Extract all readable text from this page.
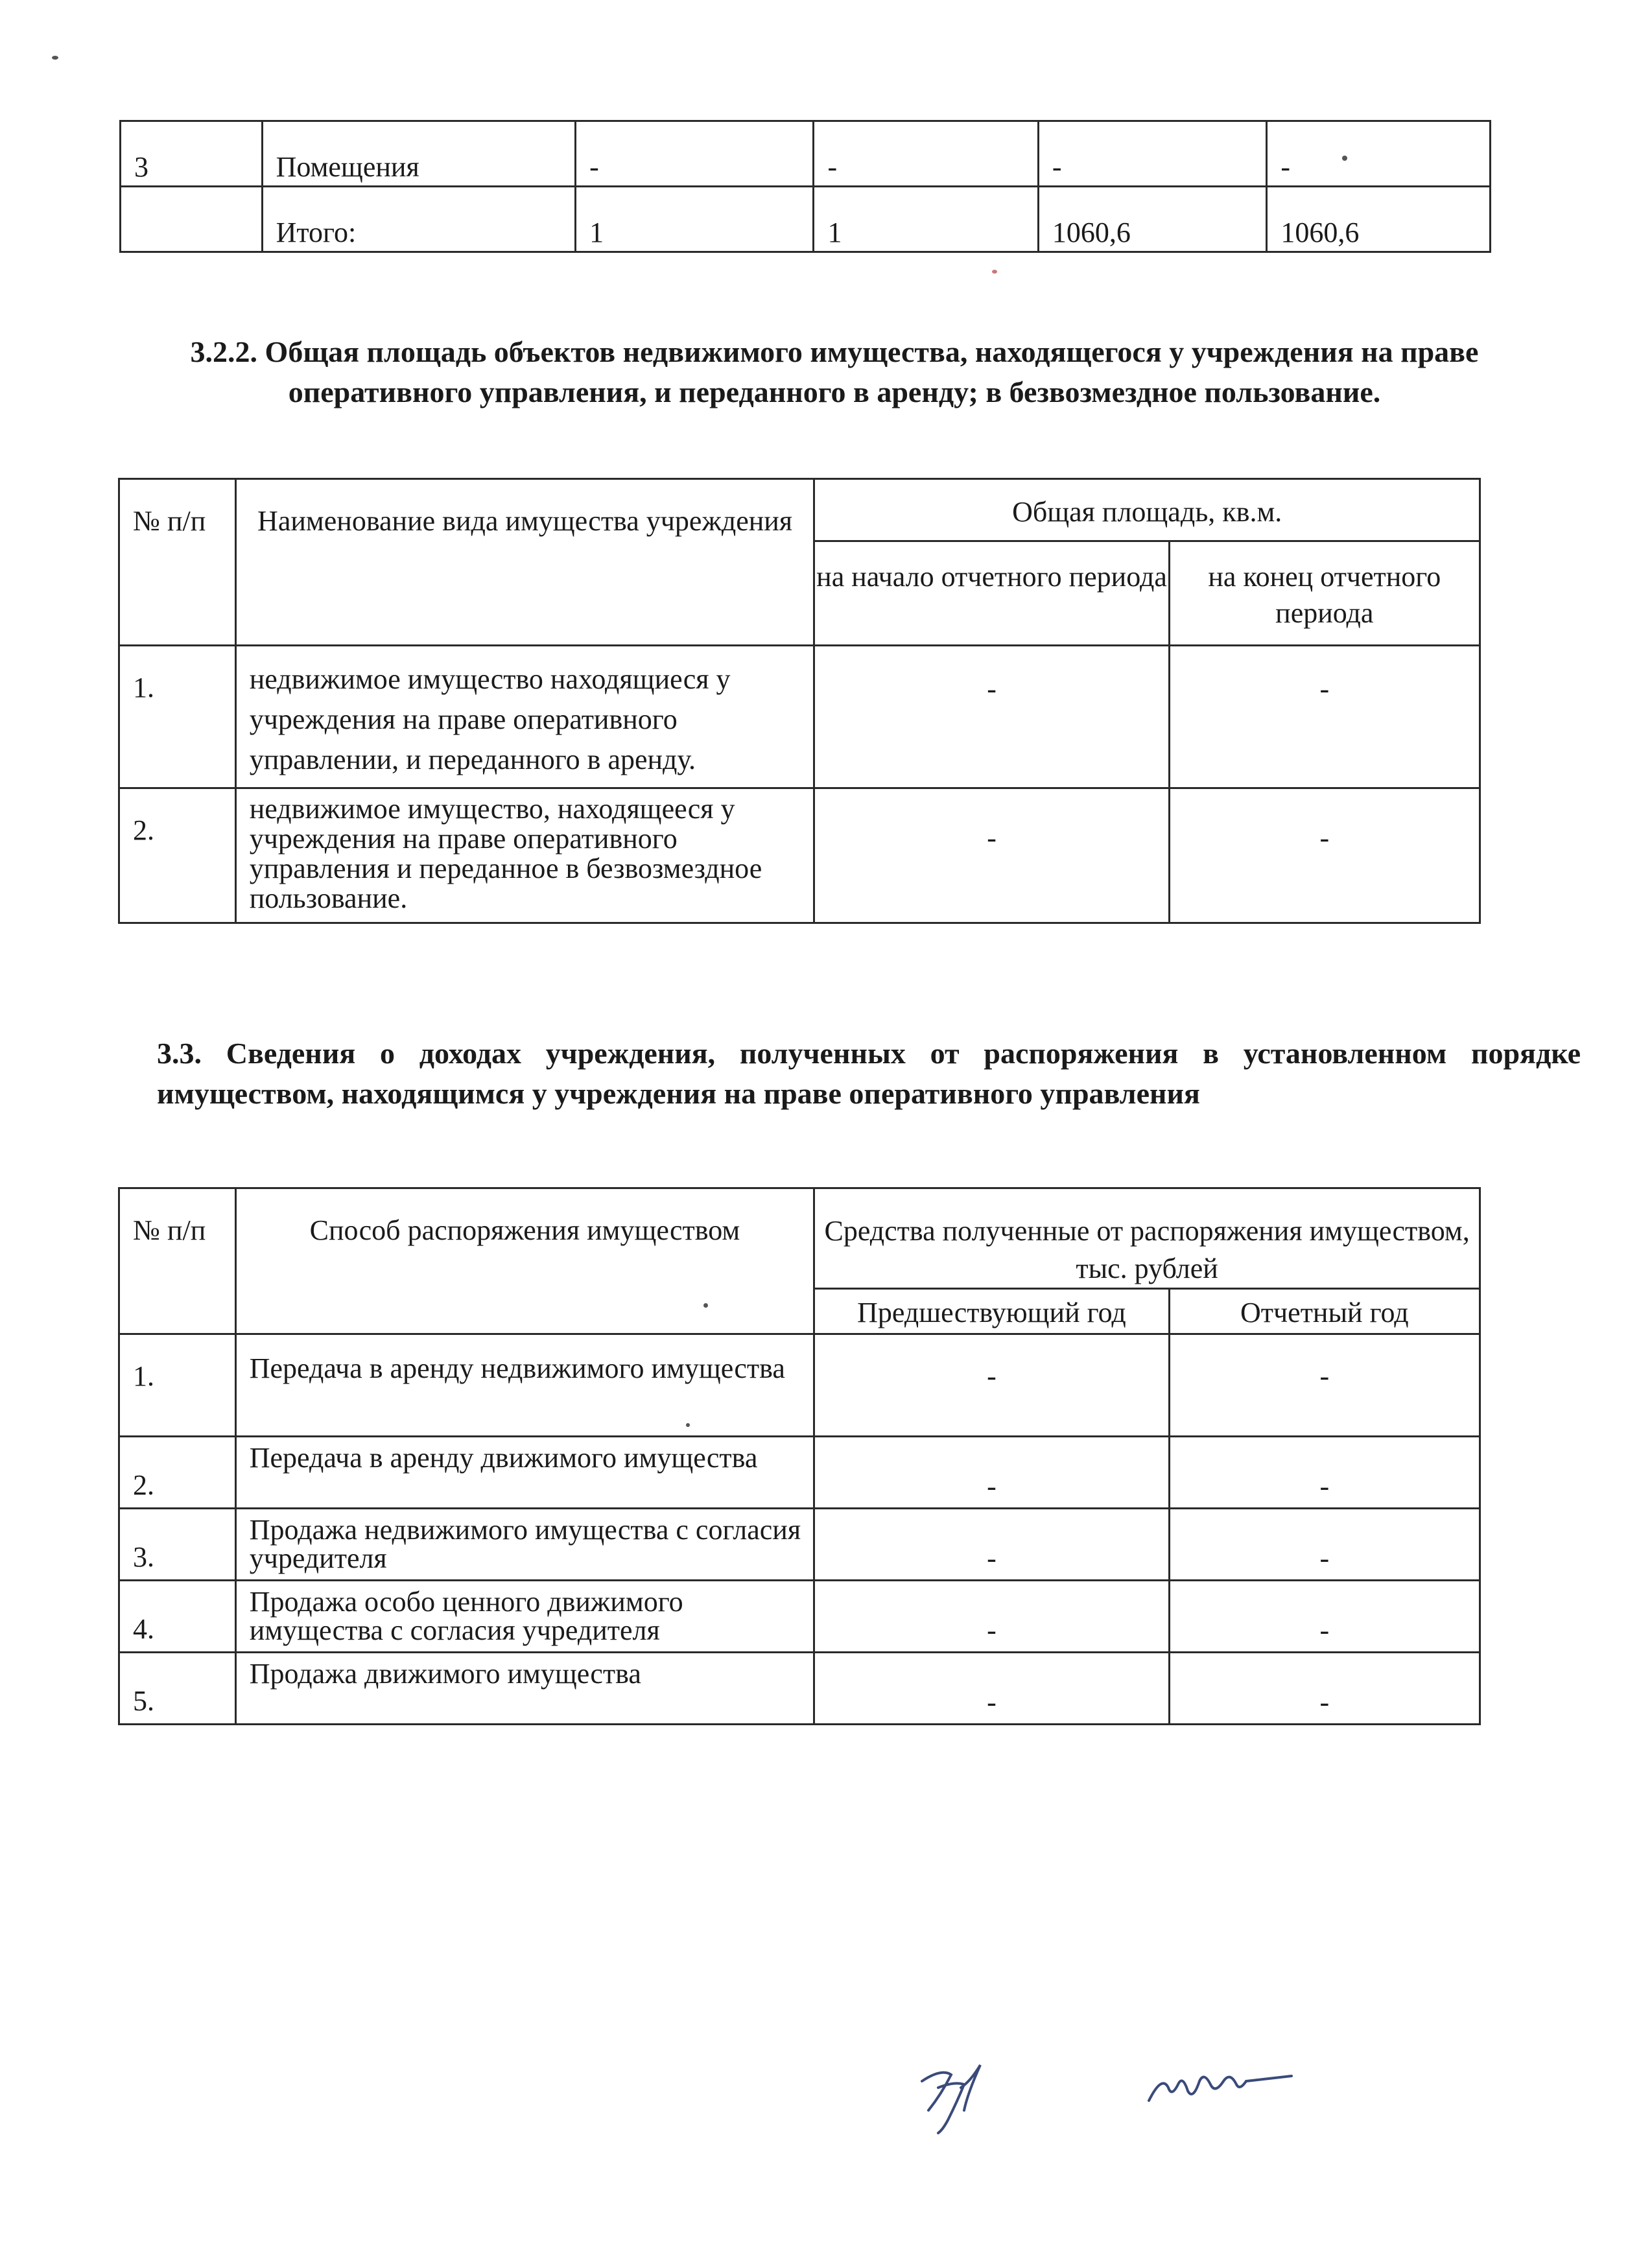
3	Помещения	-	-	-	-
	Итого:	1	1	1060,6	1060,6

3.2.2. Общая площадь объектов недвижимого имущества, находящегося у учреждения на праве оперативного управления, и переданного в аренду; в безвозмездное пользование.

№ п/п	Наименование вида имущества учреждения	Общая площадь, кв.м.	
		на начало отчетного периода	на конец отчетного периода
1.	недвижимое имущество находящиеся у учреждения на праве оперативного управлении, и переданного в аренду.	-	-
2.	недвижимое имущество, находящееся у учреждения на праве оперативного управления и переданное в безвозмездное пользование.	-	-

3.3. Сведения о доходах учреждения, полученных от распоряжения в установленном порядке имуществом, находящимся у учреждения на праве оперативного управления

№ п/п	Способ распоряжения имуществом	Средства полученные от распоряжения имуществом, тыс. рублей	
		Предшествующий год	Отчетный год
1.	Передача в аренду недвижимого имущества	-	-
2.	Передача в аренду движимого имущества	-	-
3.	Продажа недвижимого имущества с согласия учредителя	-	-
4.	Продажа особо ценного движимого имущества с согласия учредителя	-	-
5.	Продажа движимого имущества	-	-
